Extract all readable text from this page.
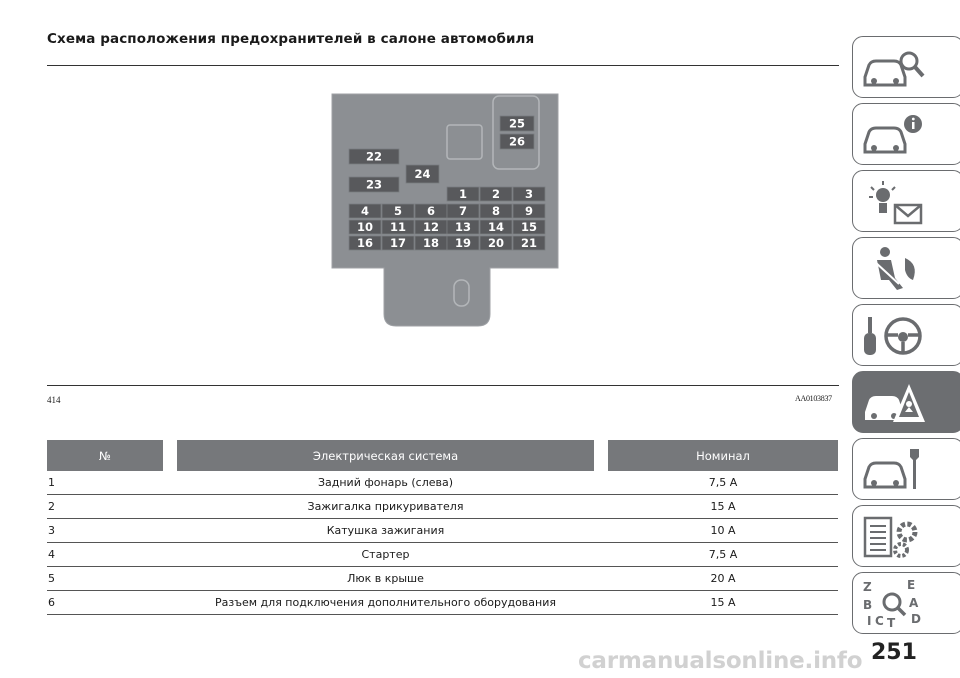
Схема расположения предохранителей в салоне автомобиля
1 2 3
4 5 6 7 8 9
10 11 12 13 14 15
16 17 18 19 20 21
22
23
24
25
26
414	AA0103837
№		Электрическая система		Номинал
1	Задний фонарь (слева)			7,5 А
2	Зажигалка прикуривателя			15 А
3	Катушка зажигания			10 А
4	Стартер			7,5 А
5	Люк в крыше			20 А
6	Разъем для подключения дополнительного оборудования			15 А
Z	E
B	A
I C T D
251
carmanualsonline.info
